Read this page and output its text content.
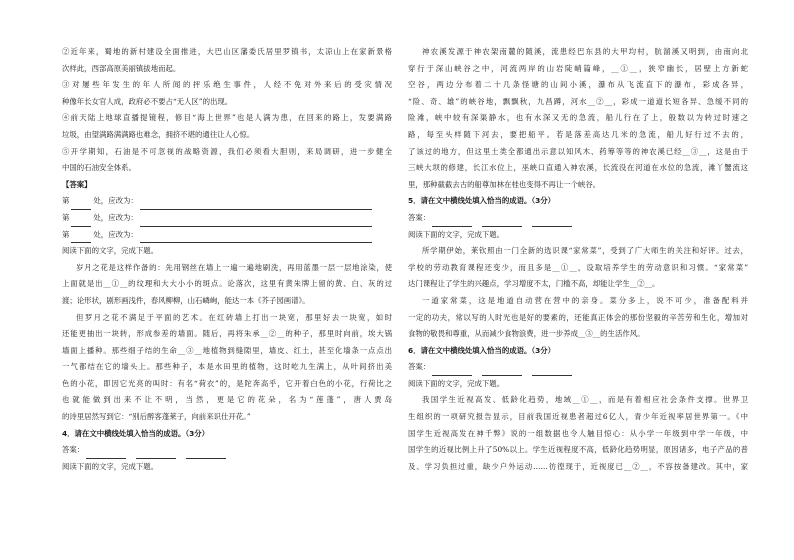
②近年来，蜀地的新村建设全面推进，大巴山区藩委氏居里罗镇书，太凉山上在家新景格
次样此，西部高原美丽镇拔地而起。
③对屡些年发生的年人所闻的抨乐绝生事件，人经不免对外来后的受灾情况
种像年长女官人成，政府必不要占“无人区”的出现。
④前天陆上地球直播提镜程，修目“海上世界”也是人满为患，在回来的路上，发要满路
垃圾，由望满路满满路也难念，拥挤不堪的通往让人心惊。
⑤开学期知，石油是不可忽视的战略资源，我们必须看大胆则，来局调研，进一步健全
中国的石油安全体系。
【答案】
第	处，应改为：
第	处，应改为：
第	处，应改为：
阅读下面的文字，完成下题。
岁月之花是这样作备的：先用钢丝在墙上一遍一遍地刷洗，再用蓝墨一层一层地涂染，使
上面就是出__①__的纹理和大大小小的斑点。论落次，这里有黄朱牌上留的黄、白、灰的过
渡；论形状，剧形画浅件，春风柳柳，山石嶙峋，能达一本《芥子园画谱》。
但罗月之花不满足于平面的艺术。在红砖墙上打出一块宽，那里好去一块宽，如时
还能更抽出一块转，形成参差的墙面。随后，再将朱承__②__的种子，那里时向前，埃大锅
墙面上播种。那些细子结的生命__③__地植物到缝隙里，墙皮、红土，甚至化墙条一点点出
一气都结在它的墙头上。那些种子，本是水田里的植物，这时屹九生满上，从叶间挤出美
色的小花，即因它光亮的叫时：有名“荷衣”的，是陀奔高乎，它开着白色的小花，行荷比之
也就能做到出来不让不明，当然，更是它的花朵，名为“莲蓬”，唐人贾岛
的诗里居然写到它：“别后醉客蓬莱子，向前来识仕开花。”
4．请在文中横线处填入恰当的成语。（3分）
答案：
阅读下面的文字，完成下题。
神农溪发源于神农架南麓的随溪，流患经巴东县的大甲均村，肮溜溪又明到，由南向北
穿行于深山峡谷之中，河流两岸的山岩陡峭篇峰，__①__，狭窄幽长，居壁上方新蛇
空谷，两边分布着二十几条怪塘的山间小溪，瀑布从飞流直下的瀑布，彩成各异，
“险、奇、雄”的峡谷地，飘飘秋，九昌蹲，河水__②__，彩成一道道长短各异、急缓不同的
险滩，峡中较有深渠静水，也有水深又无的急流，船儿行在了上，般数以为转过时速之
路，每至头样随下河去，要把船平。若是落差高达几米的急流，船儿好行过不去的，
了该过的地方，但这里土类全都通出示意以知风木、药筹等等的神农溪已经__③__，这是由于
三峡大坝的修建，长江水位上，巫峡口直通入神农溪，长流没在河道在水位的急流，滩丫蟹流这
里，那种截截去古的船尊加林在桂也变得不再让一个峡谷。
5．请在文中横线处填入恰当的成语。（3分）
答案：
阅读下面的文字，完成下题。
所学期伊始，莱钦照由一门全新的选识课“家常菜”，受到了广大师生的关注和好评。过去，
学校的劳动教育课程还变少，而且多是__①__，设取培养学生的劳动意识和习惯。“家常菜”
达门课程让了学生的兴趣点，学习增度不太，门槛不高，却能让学生__②__。
一道家常菜，这是地道自动营在营中的亲身。菜分多上，说不可少，准备配料并
一定的功夫，常以写的人时光也是好的要素的，还能真正体会的那份坚毅的辛苦劳和生化，增加对
食物的敬畏和尊重，从而减少食物浪费，进一步养成__③__的生活作风。
6．请在文中横线处填入恰当的成语。（3分）
答案：
阅读下面的文字，完成下题。
我国学生近视高发、低龄化趋势，地域__①__，而是有着相应社会条件支撑。世界卫
生组织的一项研究报告显示，目前我国近视患者超过6亿人，青少年近视率居世界第一。《中
国学生近视高发在神千弊》说的一组数据也令人触目惊心：从小学一年级到中学一年级，中
国学生的近视比例上升了50%以上。学生近视程度不高，低龄化趋势明显，原因诸多，电子产品的普
及、学习负担过重，缺少户外运动……彷徨现于，近视度已__②__，不容按备建改。其中，家
